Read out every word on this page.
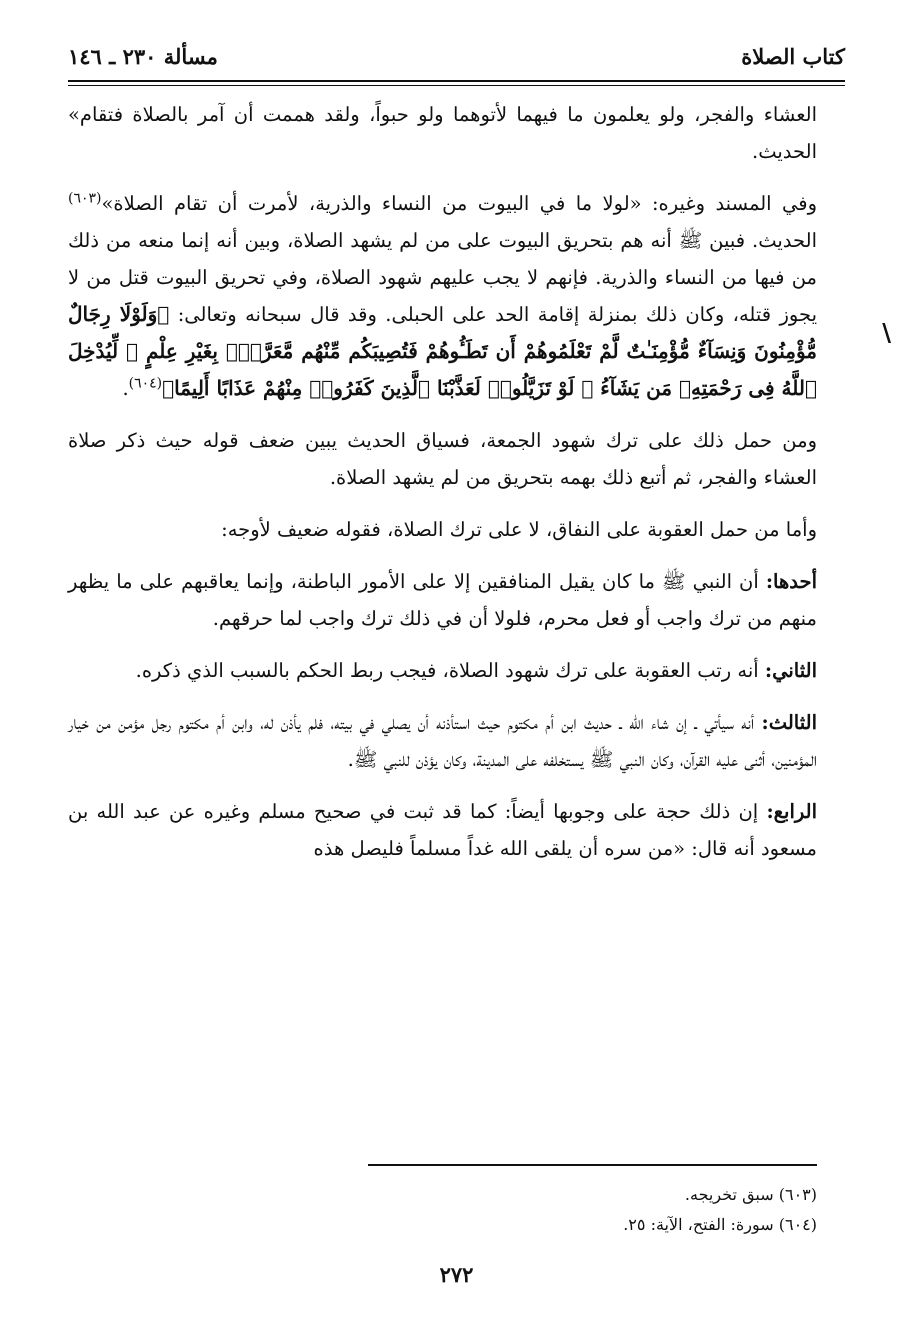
كتاب الصلاة
مسألة ٢٣٠ ـ ١٤٦
\

العشاء والفجر، ولو يعلمون ما فيهما لأتوهما ولو حبواً، ولقد هممت أن آمر بالصلاة فتقام» الحديث.

وفي المسند وغيره: «لولا ما في البيوت من النساء والذرية، لأمرت أن تقام الصلاة»$^{(٦٠٣)}$ الحديث. فبين ﷺ أنه هم بتحريق البيوت على من لم يشهد الصلاة، وبين أنه إنما منعه من ذلك من فيها من النساء والذرية. فإنهم لا يجب عليهم شهود الصلاة، وفي تحريق البيوت قتل من لا يجوز قتله، وكان ذلك بمنزلة إقامة الحد على الحبلى. وقد قال سبحانه وتعالى: ﴿وَلَوْلَا رِجَالٌ مُّؤْمِنُونَ وَنِسَآءٌ مُّؤْمِنَـٰتٌ لَّمْ تَعْلَمُوهُمْ أَن تَطَـُٔوهُمْ فَتُصِيبَكُم مِّنْهُم مَّعَرَّةٌۢ بِغَيْرِ عِلْمٍ ۖ لِّيُدْخِلَ ٱللَّهُ فِى رَحْمَتِهِۦ مَن يَشَآءُ ۚ لَوْ تَزَيَّلُوا۟ لَعَذَّبْنَا ٱلَّذِينَ كَفَرُوا۟ مِنْهُمْ عَذَابًا أَلِيمًا﴾$^{(٦٠٤)}$.

ومن حمل ذلك على ترك شهود الجمعة، فسياق الحديث يبين ضعف قوله حيث ذكر صلاة العشاء والفجر، ثم أتبع ذلك بهمه بتحريق من لم يشهد الصلاة.

وأما من حمل العقوبة على النفاق، لا على ترك الصلاة، فقوله ضعيف لأوجه:

أحدها: أن النبي ﷺ ما كان يقيل المنافقين إلا على الأمور الباطنة، وإنما يعاقبهم على ما يظهر منهم من ترك واجب أو فعل محرم، فلولا أن في ذلك ترك واجب لما حرقهم.

الثاني: أنه رتب العقوبة على ترك شهود الصلاة، فيجب ربط الحكم بالسبب الذي ذكره.

الثالث: أنه سيأتي ـ إن شاء الله ـ حديث ابن أم مكتوم حيث استأذنه أن يصلي في بيته، فلم يأذن له، وابن أم مكتوم رجل مؤمن من خيار المؤمنين، أثنى عليه القرآن، وكان النبي ﷺ يستخلفه على المدينة، وكان يؤذن للنبي ﷺ.

الرابع: إن ذلك حجة على وجوبها أيضاً: كما قد ثبت في صحيح مسلم وغيره عن عبد الله بن مسعود أنه قال: «من سره أن يلقى الله غداً مسلماً فليصل هذه

(٦٠٣) سبق تخريجه.
(٦٠٤) سورة: الفتح، الآية: ٢٥.
٢٧٢
